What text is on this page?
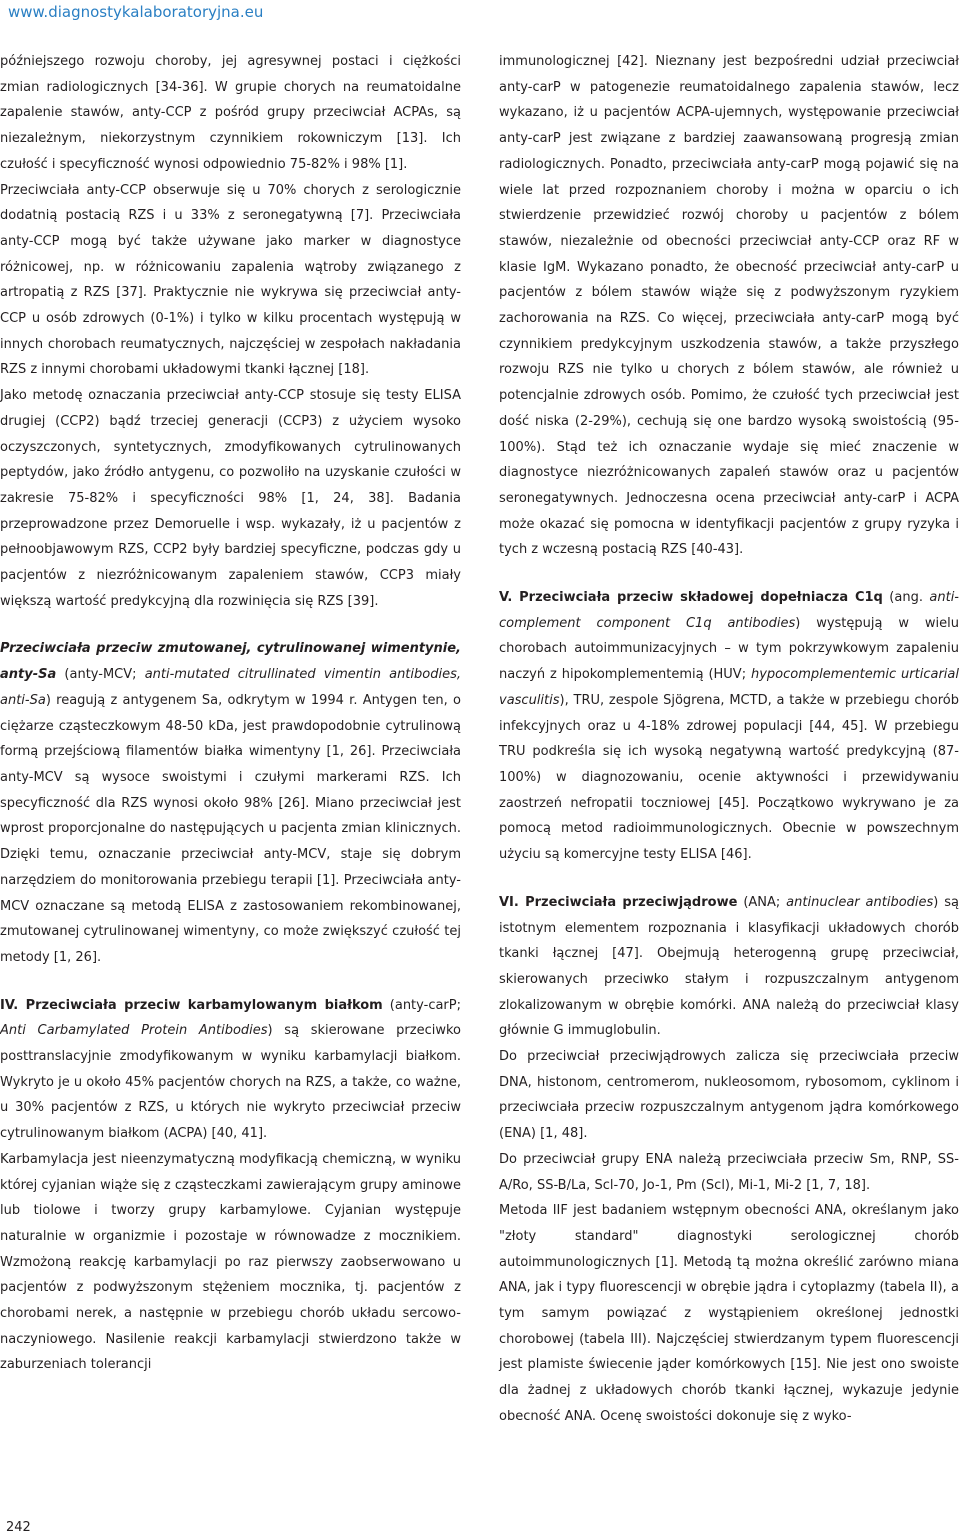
www.diagnostykalaboratoryjna.eu

późniejszego rozwoju choroby, jej agresywnej postaci i ciężkości zmian radiologicznych [34-36]. W grupie chorych na reumatoidalne zapalenie stawów, anty-CCP z pośród grupy przeciwciał ACPAs, są niezależnym, niekorzystnym czynnikiem rokowniczym [13]. Ich czułość i specyficzność wynosi odpowiednio 75-82% i 98% [1].

Przeciwciała anty-CCP obserwuje się u 70% chorych z serologicznie dodatnią postacią RZS i u 33% z seronegatywną [7]. Przeciwciała anty-CCP mogą być także używane jako marker w diagnostyce różnicowej, np. w różnicowaniu zapalenia wątroby związanego z artropatią z RZS [37]. Praktycznie nie wykrywa się przeciwciał anty-CCP u osób zdrowych (0-1%) i tylko w kilku procentach występują w innych chorobach reumatycznych, najczęściej w zespołach nakładania RZS z innymi chorobami układowymi tkanki łącznej [18].

Jako metodę oznaczania przeciwciał anty-CCP stosuje się testy ELISA drugiej (CCP2) bądź trzeciej generacji (CCP3) z użyciem wysoko oczyszczonych, syntetycznych, zmodyfikowanych cytrulinowanych peptydów, jako źródło antygenu, co pozwoliło na uzyskanie czułości w zakresie 75-82% i specyficzności 98% [1, 24, 38]. Badania przeprowadzone przez Demoruelle i wsp. wykazały, iż u pacjentów z pełnoobjawowym RZS, CCP2 były bardziej specyficzne, podczas gdy u pacjentów z niezróżnicowanym zapaleniem stawów, CCP3 miały większą wartość predykcyjną dla rozwinięcia się RZS [39].

Przeciwciała przeciw zmutowanej, cytrulinowanej wimentynie, anty-Sa (anty-MCV; anti-mutated citrullinated vimentin antibodies, anti-Sa) reagują z antygenem Sa, odkrytym w 1994 r. Antygen ten, o ciężarze cząsteczkowym 48-50 kDa, jest prawdopodobnie cytrulinową formą przejściową filamentów białka wimentyny [1, 26]. Przeciwciała anty-MCV są wysoce swoistymi i czułymi markerami RZS. Ich specyficzność dla RZS wynosi około 98% [26]. Miano przeciwciał jest wprost proporcjonalne do następujących u pacjenta zmian klinicznych. Dzięki temu, oznaczanie przeciwciał anty-MCV, staje się dobrym narzędziem do monitorowania przebiegu terapii [1]. Przeciwciała anty-MCV oznaczane są metodą ELISA z zastosowaniem rekombinowanej, zmutowanej cytrulinowanej wimentyny, co może zwiększyć czułość tej metody [1, 26].

IV. Przeciwciała przeciw karbamylowanym białkom (anty-carP; Anti Carbamylated Protein Antibodies) są skierowane przeciwko posttranslacyjnie zmodyfikowanym w wyniku karbamylacji białkom. Wykryto je u około 45% pacjentów chorych na RZS, a także, co ważne, u 30% pacjentów z RZS, u których nie wykryto przeciwciał przeciw cytrulinowanym białkom (ACPA) [40, 41].

Karbamylacja jest nieenzymatyczną modyfikacją chemiczną, w wyniku której cyjanian wiąże się z cząsteczkami zawierającym grupy aminowe lub tiolowe i tworzy grupy karbamylowe. Cyjanian występuje naturalnie w organizmie i pozostaje w równowadze z mocznikiem. Wzmożoną reakcję karbamylacji po raz pierwszy zaobserwowano u pacjentów z podwyższonym stężeniem mocznika, tj. pacjentów z chorobami nerek, a następnie w przebiegu chorób układu sercowo-naczyniowego. Nasilenie reakcji karbamylacji stwierdzono także w zaburzeniach tolerancji

immunologicznej [42]. Nieznany jest bezpośredni udział przeciwciał anty-carP w patogenezie reumatoidalnego zapalenia stawów, lecz wykazano, iż u pacjentów ACPA-ujemnych, występowanie przeciwciał anty-carP jest związane z bardziej zaawansowaną progresją zmian radiologicznych. Ponadto, przeciwciała anty-carP mogą pojawić się na wiele lat przed rozpoznaniem choroby i można w oparciu o ich stwierdzenie przewidzieć rozwój choroby u pacjentów z bólem stawów, niezależnie od obecności przeciwciał anty-CCP oraz RF w klasie IgM. Wykazano ponadto, że obecność przeciwciał anty-carP u pacjentów z bólem stawów wiąże się z podwyższonym ryzykiem zachorowania na RZS. Co więcej, przeciwciała anty-carP mogą być czynnikiem predykcyjnym uszkodzenia stawów, a także przyszłego rozwoju RZS nie tylko u chorych z bólem stawów, ale również u potencjalnie zdrowych osób. Pomimo, że czułość tych przeciwciał jest dość niska (2-29%), cechują się one bardzo wysoką swoistością (95-100%). Stąd też ich oznaczanie wydaje się mieć znaczenie w diagnostyce niezróżnicowanych zapaleń stawów oraz u pacjentów seronegatywnych. Jednoczesna ocena przeciwciał anty-carP i ACPA może okazać się pomocna w identyfikacji pacjentów z grupy ryzyka i tych z wczesną postacią RZS [40-43].

V. Przeciwciała przeciw składowej dopełniacza C1q (ang. anti-complement component C1q antibodies) występują w wielu chorobach autoimmunizacyjnych – w tym pokrzywkowym zapaleniu naczyń z hipokomplementemią (HUV; hypocomplementemic urticarial vasculitis), TRU, zespole Sjögrena, MCTD, a także w przebiegu chorób infekcyjnych oraz u 4-18% zdrowej populacji [44, 45]. W przebiegu TRU podkreśla się ich wysoką negatywną wartość predykcyjną (87-100%) w diagnozowaniu, ocenie aktywności i przewidywaniu zaostrzeń nefropatii toczniowej [45]. Początkowo wykrywano je za pomocą metod radioimmunologicznych. Obecnie w powszechnym użyciu są komercyjne testy ELISA [46].

VI. Przeciwciała przeciwjądrowe (ANA; antinuclear antibodies) są istotnym elementem rozpoznania i klasyfikacji układowych chorób tkanki łącznej [47]. Obejmują heterogenną grupę przeciwciał, skierowanych przeciwko stałym i rozpuszczalnym antygenom zlokalizowanym w obrębie komórki. ANA należą do przeciwciał klasy głównie G immuglobulin.

Do przeciwciał przeciwjądrowych zalicza się przeciwciała przeciw DNA, histonom, centromerom, nukleosomom, rybosomom, cyklinom i przeciwciała przeciw rozpuszczalnym antygenom jądra komórkowego (ENA) [1, 48].

Do przeciwciał grupy ENA należą przeciwciała przeciw Sm, RNP, SS-A/Ro, SS-B/La, Scl-70, Jo-1, Pm (Scl), Mi-1, Mi-2 [1, 7, 18].

Metoda IIF jest badaniem wstępnym obecności ANA, określanym jako "złoty standard" diagnostyki serologicznej chorób autoimmunologicznych [1]. Metodą tą można określić zarówno miana ANA, jak i typy fluorescencji w obrębie jądra i cytoplazmy (tabela II), a tym samym powiązać z wystąpieniem określonej jednostki chorobowej (tabela III). Najczęściej stwierdzanym typem fluorescencji jest plamiste świecenie jąder komórkowych [15]. Nie jest ono swoiste dla żadnej z układowych chorób tkanki łącznej, wykazuje jedynie obecność ANA. Ocenę swoistości dokonuje się z wyko-

242
